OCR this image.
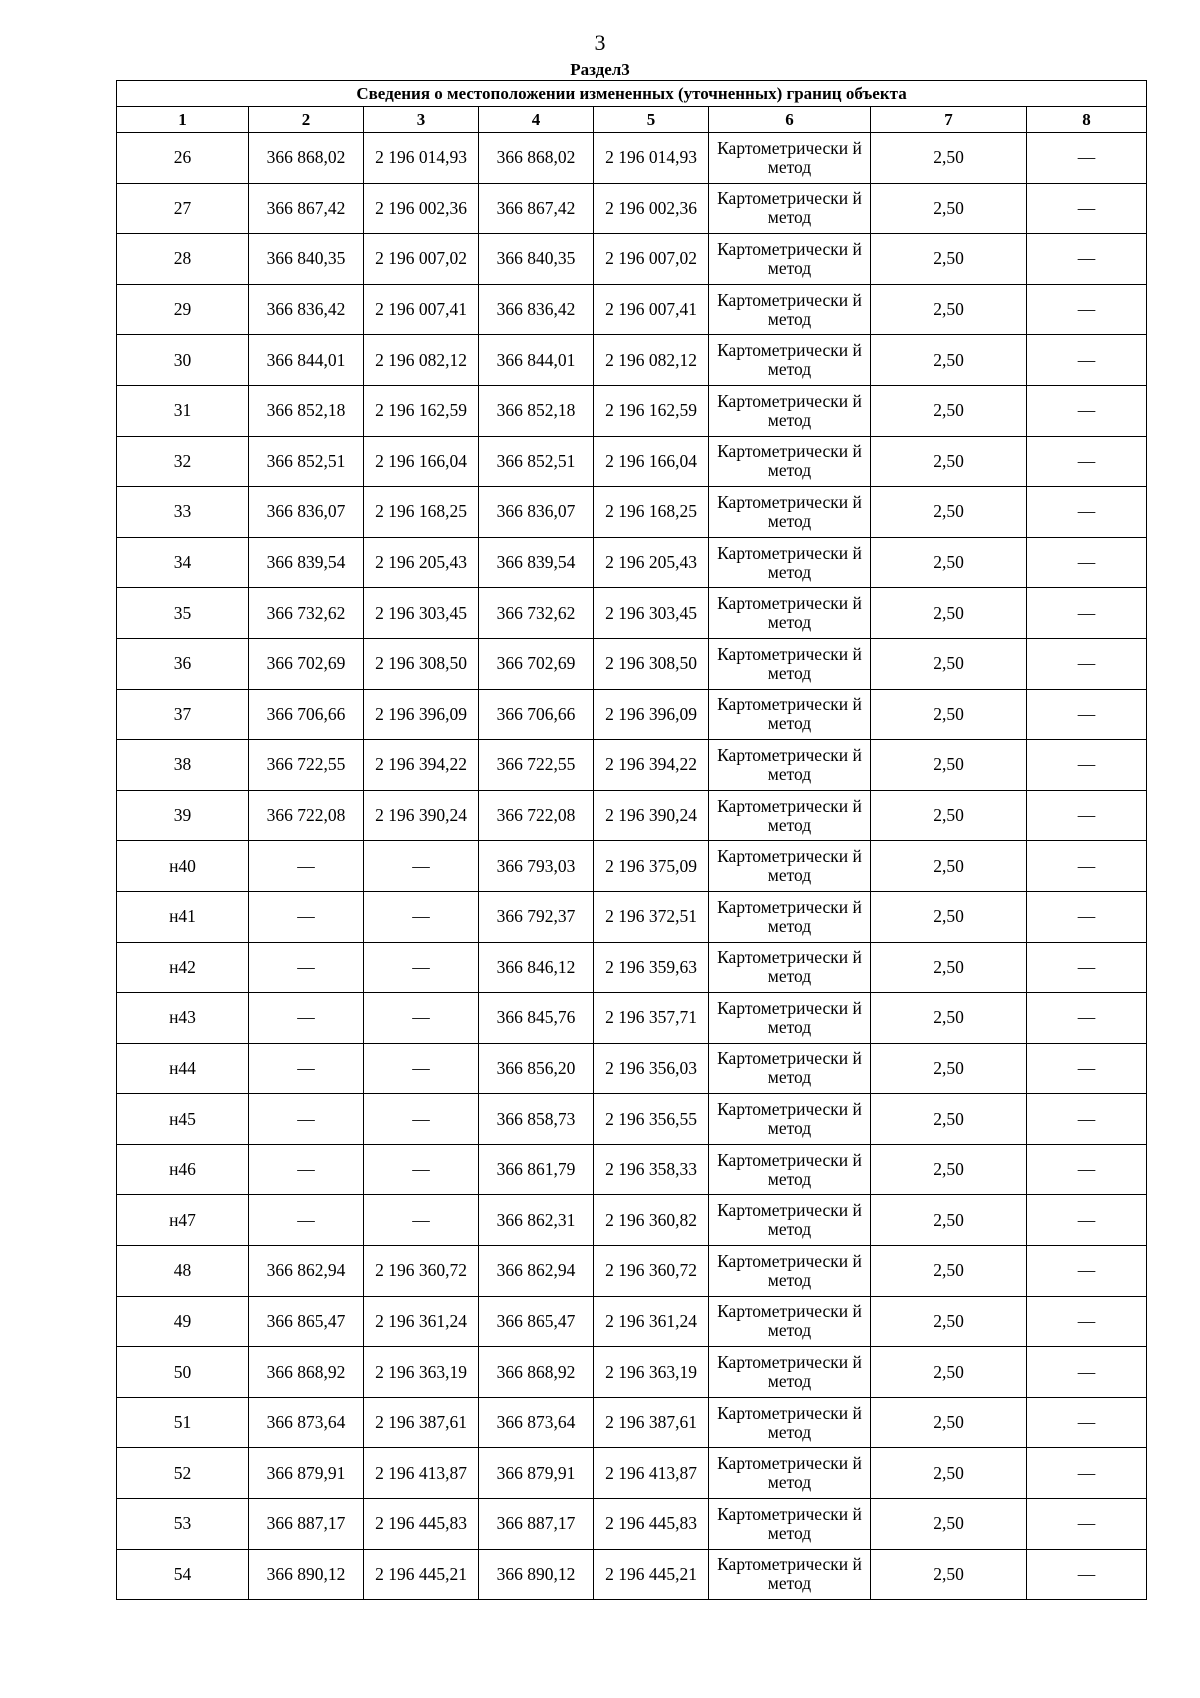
3
Раздел3
Сведения о местоположении измененных (уточненных) границ объекта							
1	2	3	4	5	6	7	8
26	366 868,02	2 196 014,93	366 868,02	2 196 014,93	Картометрически й метод	2,50	—
27	366 867,42	2 196 002,36	366 867,42	2 196 002,36	Картометрически й метод	2,50	—
28	366 840,35	2 196 007,02	366 840,35	2 196 007,02	Картометрически й метод	2,50	—
29	366 836,42	2 196 007,41	366 836,42	2 196 007,41	Картометрически й метод	2,50	—
30	366 844,01	2 196 082,12	366 844,01	2 196 082,12	Картометрически й метод	2,50	—
31	366 852,18	2 196 162,59	366 852,18	2 196 162,59	Картометрически й метод	2,50	—
32	366 852,51	2 196 166,04	366 852,51	2 196 166,04	Картометрически й метод	2,50	—
33	366 836,07	2 196 168,25	366 836,07	2 196 168,25	Картометрически й метод	2,50	—
34	366 839,54	2 196 205,43	366 839,54	2 196 205,43	Картометрически й метод	2,50	—
35	366 732,62	2 196 303,45	366 732,62	2 196 303,45	Картометрически й метод	2,50	—
36	366 702,69	2 196 308,50	366 702,69	2 196 308,50	Картометрически й метод	2,50	—
37	366 706,66	2 196 396,09	366 706,66	2 196 396,09	Картометрически й метод	2,50	—
38	366 722,55	2 196 394,22	366 722,55	2 196 394,22	Картометрически й метод	2,50	—
39	366 722,08	2 196 390,24	366 722,08	2 196 390,24	Картометрически й метод	2,50	—
н40	—	—	366 793,03	2 196 375,09	Картометрически й метод	2,50	—
н41	—	—	366 792,37	2 196 372,51	Картометрически й метод	2,50	—
н42	—	—	366 846,12	2 196 359,63	Картометрически й метод	2,50	—
н43	—	—	366 845,76	2 196 357,71	Картометрически й метод	2,50	—
н44	—	—	366 856,20	2 196 356,03	Картометрически й метод	2,50	—
н45	—	—	366 858,73	2 196 356,55	Картометрически й метод	2,50	—
н46	—	—	366 861,79	2 196 358,33	Картометрически й метод	2,50	—
н47	—	—	366 862,31	2 196 360,82	Картометрически й метод	2,50	—
48	366 862,94	2 196 360,72	366 862,94	2 196 360,72	Картометрически й метод	2,50	—
49	366 865,47	2 196 361,24	366 865,47	2 196 361,24	Картометрически й метод	2,50	—
50	366 868,92	2 196 363,19	366 868,92	2 196 363,19	Картометрически й метод	2,50	—
51	366 873,64	2 196 387,61	366 873,64	2 196 387,61	Картометрически й метод	2,50	—
52	366 879,91	2 196 413,87	366 879,91	2 196 413,87	Картометрически й метод	2,50	—
53	366 887,17	2 196 445,83	366 887,17	2 196 445,83	Картометрически й метод	2,50	—
54	366 890,12	2 196 445,21	366 890,12	2 196 445,21	Картометрически й метод	2,50	—
